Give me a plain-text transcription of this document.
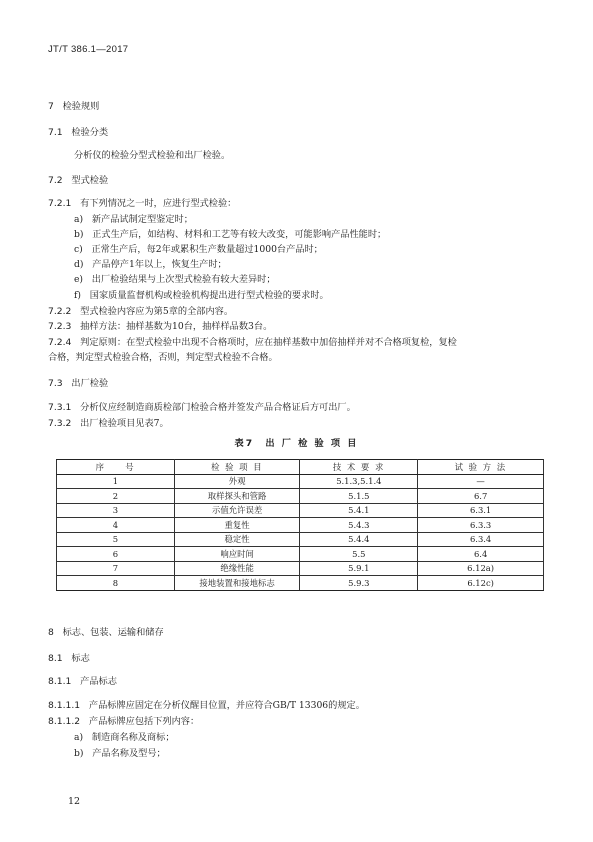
JT/T 386.1—2017
7 检验规则
7.1 检验分类
分析仪的检验分型式检验和出厂检验。
7.2 型式检验
7.2.1 有下列情况之一时，应进行型式检验：
a) 新产品试制定型鉴定时；
b) 正式生产后，如结构、材料和工艺等有较大改变，可能影响产品性能时；
c) 正常生产后，每2年或累积生产数量超过1000台产品时；
d) 产品停产1年以上，恢复生产时；
e) 出厂检验结果与上次型式检验有较大差异时；
f) 国家质量监督机构或检验机构提出进行型式检验的要求时。
7.2.2 型式检验内容应为第5章的全部内容。
7.2.3 抽样方法：抽样基数为10台，抽样样品数3台。
7.2.4 判定原则：在型式检验中出现不合格项时，应在抽样基数中加倍抽样并对不合格项复检，复检
合格，判定型式检验合格，否则，判定型式检验不合格。
7.3 出厂检验
7.3.1 分析仪应经制造商质检部门检验合格并签发产品合格证后方可出厂。
7.3.2 出厂检验项目见表7。
表7　出 厂 检 验 项 目
序　　号	检 验 项 目	技 术 要 求	试 验 方 法
1	外观	5.1.3,5.1.4	—
2	取样探头和管路	5.1.5	6.7
3	示值允许误差	5.4.1	6.3.1
4	重复性	5.4.3	6.3.3
5	稳定性	5.4.4	6.3.4
6	响应时间	5.5	6.4
7	绝缘性能	5.9.1	6.12a)
8	接地装置和接地标志	5.9.3	6.12c)
8 标志、包装、运输和储存
8.1 标志
8.1.1 产品标志
8.1.1.1 产品标牌应固定在分析仪醒目位置，并应符合GB/T 13306的规定。
8.1.1.2 产品标牌应包括下列内容：
a) 制造商名称及商标；
b) 产品名称及型号；
12
